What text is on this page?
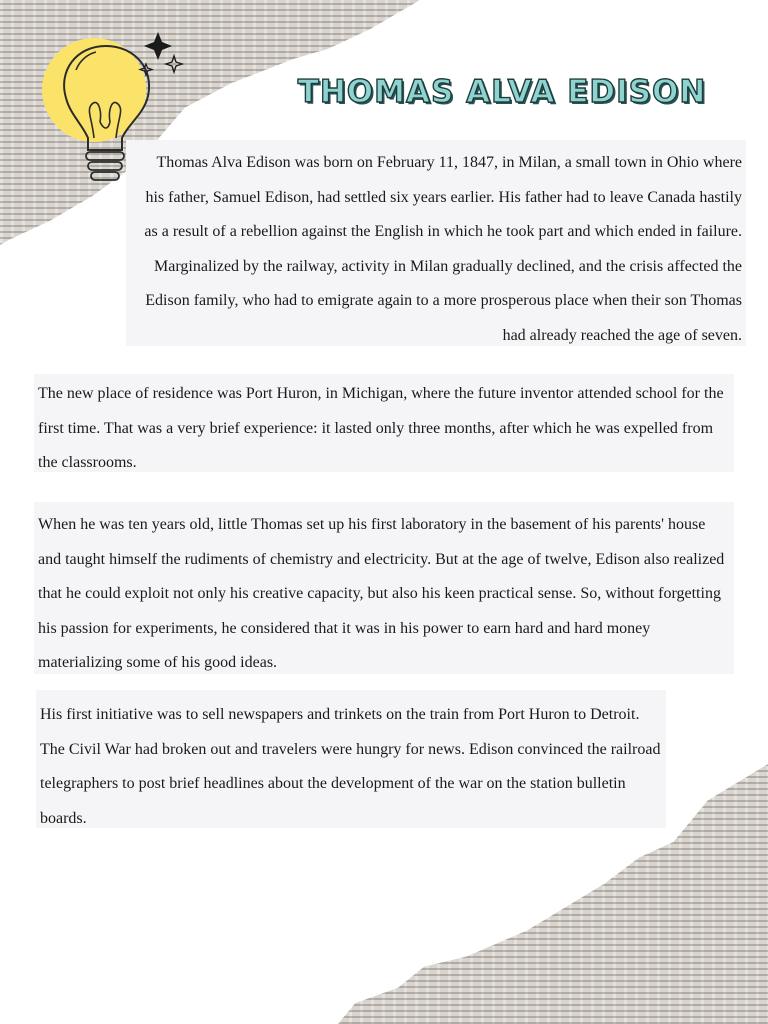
THOMAS ALVA EDISON

Thomas Alva Edison was born on February 11, 1847, in Milan, a small town in Ohio where his father, Samuel Edison, had settled six years earlier. His father had to leave Canada hastily as a result of a rebellion against the English in which he took part and which ended in failure. Marginalized by the railway, activity in Milan gradually declined, and the crisis affected the Edison family, who had to emigrate again to a more prosperous place when their son Thomas had already reached the age of seven.

The new place of residence was Port Huron, in Michigan, where the future inventor attended school for the first time. That was a very brief experience: it lasted only three months, after which he was expelled from the classrooms.

When he was ten years old, little Thomas set up his first laboratory in the basement of his parents' house and taught himself the rudiments of chemistry and electricity. But at the age of twelve, Edison also realized that he could exploit not only his creative capacity, but also his keen practical sense. So, without forgetting his passion for experiments, he considered that it was in his power to earn hard and hard money materializing some of his good ideas.

His first initiative was to sell newspapers and trinkets on the train from Port Huron to Detroit. The Civil War had broken out and travelers were hungry for news. Edison convinced the railroad telegraphers to post brief headlines about the development of the war on the station bulletin boards.
